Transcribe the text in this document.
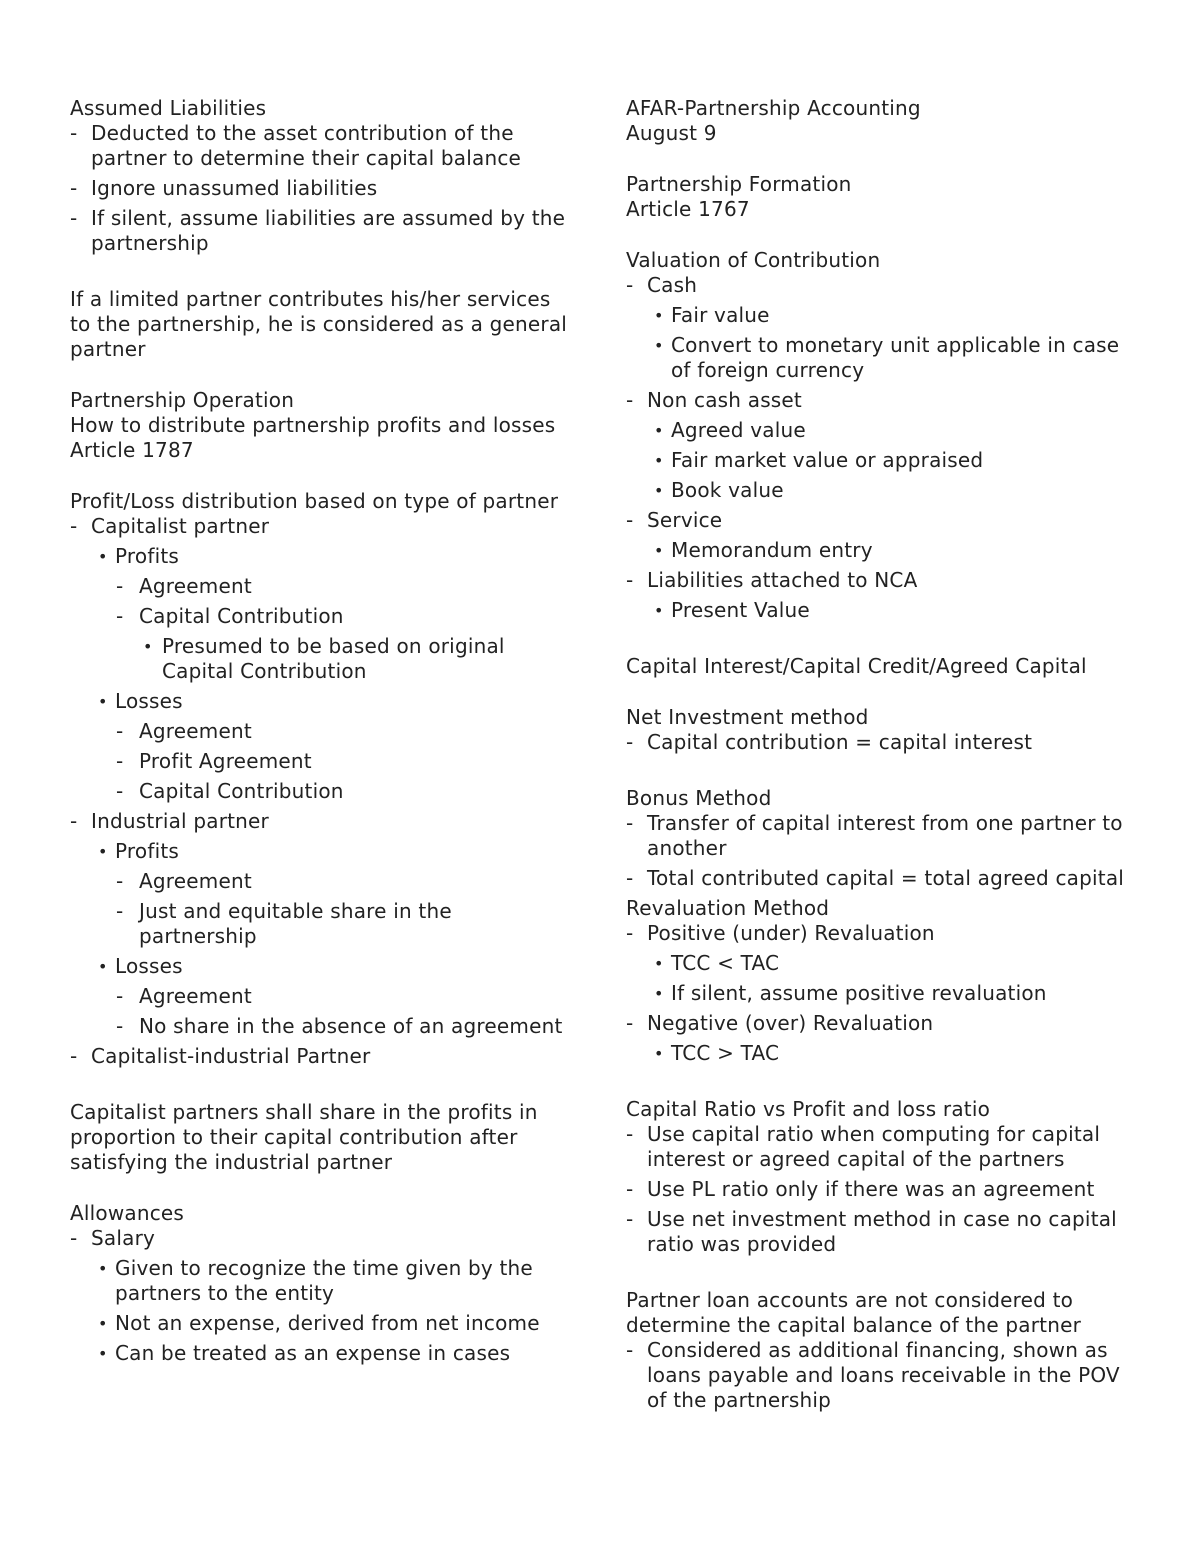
Assumed Liabilities

- Deducted to the asset contribution of the partner to determine their capital balance
- Ignore unassumed liabilities
- If silent, assume liabilities are assumed by the partnership

If a limited partner contributes his/her services to the partnership, he is considered as a general partner

Partnership Operation

How to distribute partnership profits and losses

Article 1787

Profit/Loss distribution based on type of partner

- Capitalist partner
• Profits
- Agreement
- Capital Contribution
• Presumed to be based on original Capital Contribution
• Losses
- Agreement
- Profit Agreement
- Capital Contribution
- Industrial partner
• Profits
- Agreement
- Just and equitable share in the partnership
• Losses
- Agreement
- No share in the absence of an agreement
- Capitalist-industrial Partner

Capitalist partners shall share in the profits in proportion to their capital contribution after satisfying the industrial partner

Allowances

- Salary
• Given to recognize the time given by the partners to the entity
• Not an expense, derived from net income
• Can be treated as an expense in cases

AFAR-Partnership Accounting

August 9

Partnership Formation

Article 1767

Valuation of Contribution

- Cash
• Fair value
• Convert to monetary unit applicable in case of foreign currency
- Non cash asset
• Agreed value
• Fair market value or appraised
• Book value
- Service
• Memorandum entry
- Liabilities attached to NCA
• Present Value

Capital Interest/Capital Credit/Agreed Capital

Net Investment method

- Capital contribution = capital interest

Bonus Method

- Transfer of capital interest from one partner to another
- Total contributed capital = total agreed capital

Revaluation Method

- Positive (under) Revaluation
• TCC < TAC
• If silent, assume positive revaluation
- Negative (over) Revaluation
• TCC > TAC

Capital Ratio vs Profit and loss ratio

- Use capital ratio when computing for capital interest or agreed capital of the partners
- Use PL ratio only if there was an agreement
- Use net investment method in case no capital ratio was provided

Partner loan accounts are not considered to determine the capital balance of the partner

- Considered as additional financing, shown as loans payable and loans receivable in the POV of the partnership
